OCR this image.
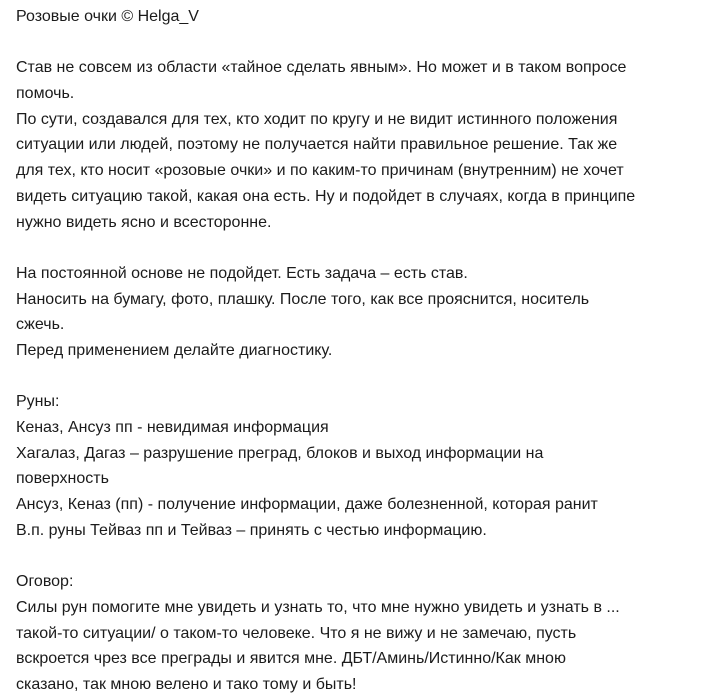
Розовые очки © Helga_V
Став не совсем из области «тайное сделать явным». Но может и в таком вопросе
помочь.
По сути, создавался для тех, кто ходит по кругу и не видит истинного положения
ситуации или людей, поэтому не получается найти правильное решение. Так же
для тех, кто носит «розовые очки» и по каким-то причинам (внутренним) не хочет
видеть ситуацию такой, какая она есть. Ну и подойдет в случаях, когда в принципе
нужно видеть ясно и всесторонне.
На постоянной основе не подойдет. Есть задача – есть став.
Наносить на бумагу, фото, плашку. После того, как все прояснится, носитель
сжечь.
Перед применением делайте диагностику.
Руны:
Кеназ, Ансуз пп - невидимая информация
Хагалаз, Дагаз – разрушение преград, блоков и выход информации на
поверхность
Ансуз, Кеназ (пп) - получение информации, даже болезненной, которая ранит
В.п. руны Тейваз пп и Тейваз – принять с честью информацию.
Оговор:
Силы рун помогите мне увидеть и узнать то, что мне нужно увидеть и узнать в ...
такой-то ситуации/ о таком-то человеке. Что я не вижу и не замечаю, пусть
вскроется чрез все преграды и явится мне. ДБТ/Аминь/Истинно/Как мною
сказано, так мною велено и тако тому и быть!
